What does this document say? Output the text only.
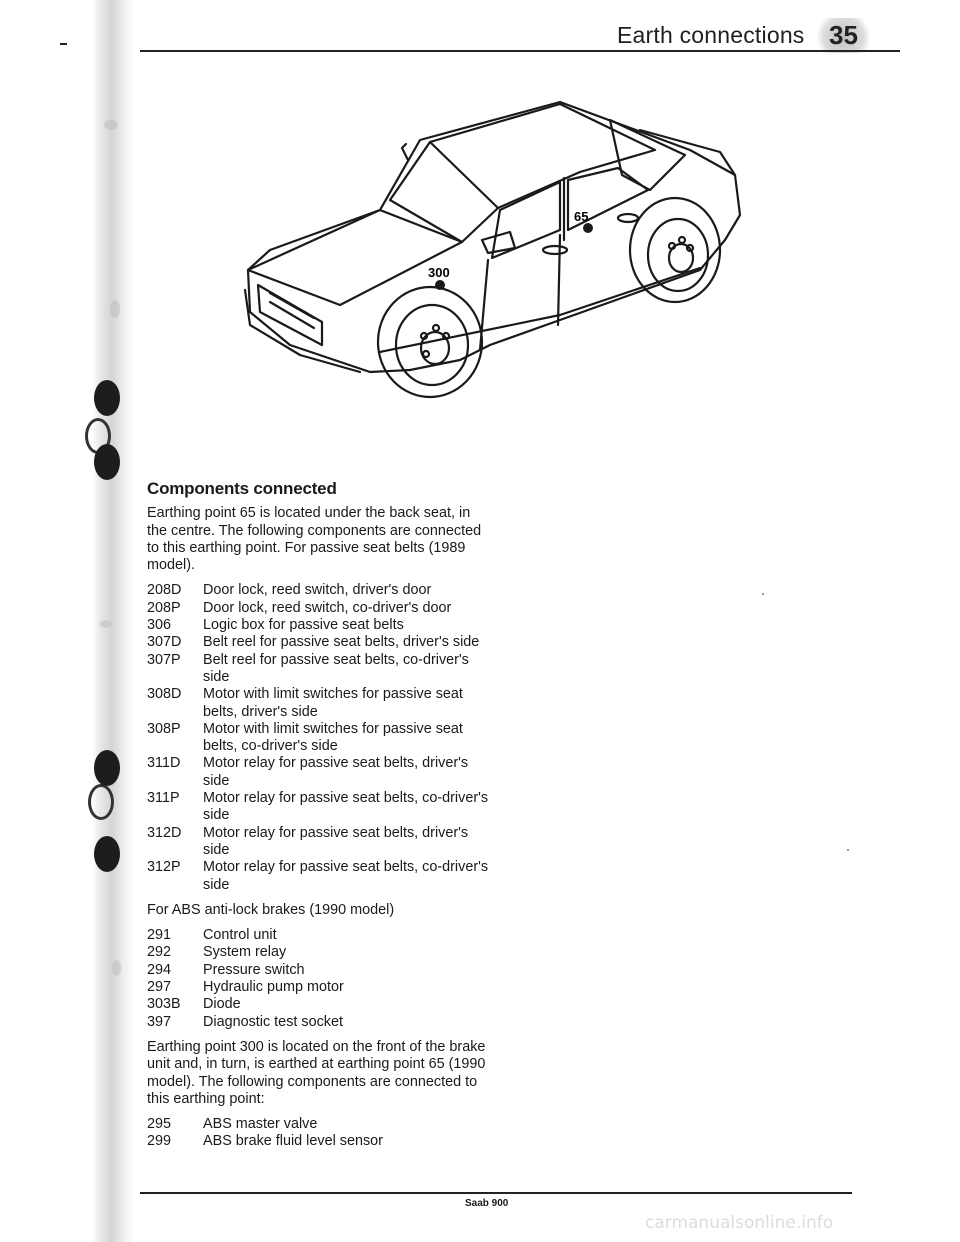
Earth connections 35
65
300
Components connected

Earthing point 65 is located under the back seat, in the centre. The following components are connected to this earthing point. For passive seat belts (1989 model).

208D	Door lock, reed switch, driver's door
208P	Door lock, reed switch, co-driver's door
306	Logic box for passive seat belts
307D	Belt reel for passive seat belts, driver's side
307P	Belt reel for passive seat belts, co-driver's side
308D	Motor with limit switches for passive seat belts, driver's side
308P	Motor with limit switches for passive seat belts, co-driver's side
311D	Motor relay for passive seat belts, driver's side
311P	Motor relay for passive seat belts, co-driver's side
312D	Motor relay for passive seat belts, driver's side
312P	Motor relay for passive seat belts, co-driver's side

For ABS anti-lock brakes (1990 model)

291	Control unit
292	System relay
294	Pressure switch
297	Hydraulic pump motor
303B	Diode
397	Diagnostic test socket

Earthing point 300 is located on the front of the brake unit and, in turn, is earthed at earthing point 65 (1990 model). The following components are connected to this earthing point:

295	ABS master valve
299	ABS brake fluid level sensor
Saab 900
carmanualsonline.info
